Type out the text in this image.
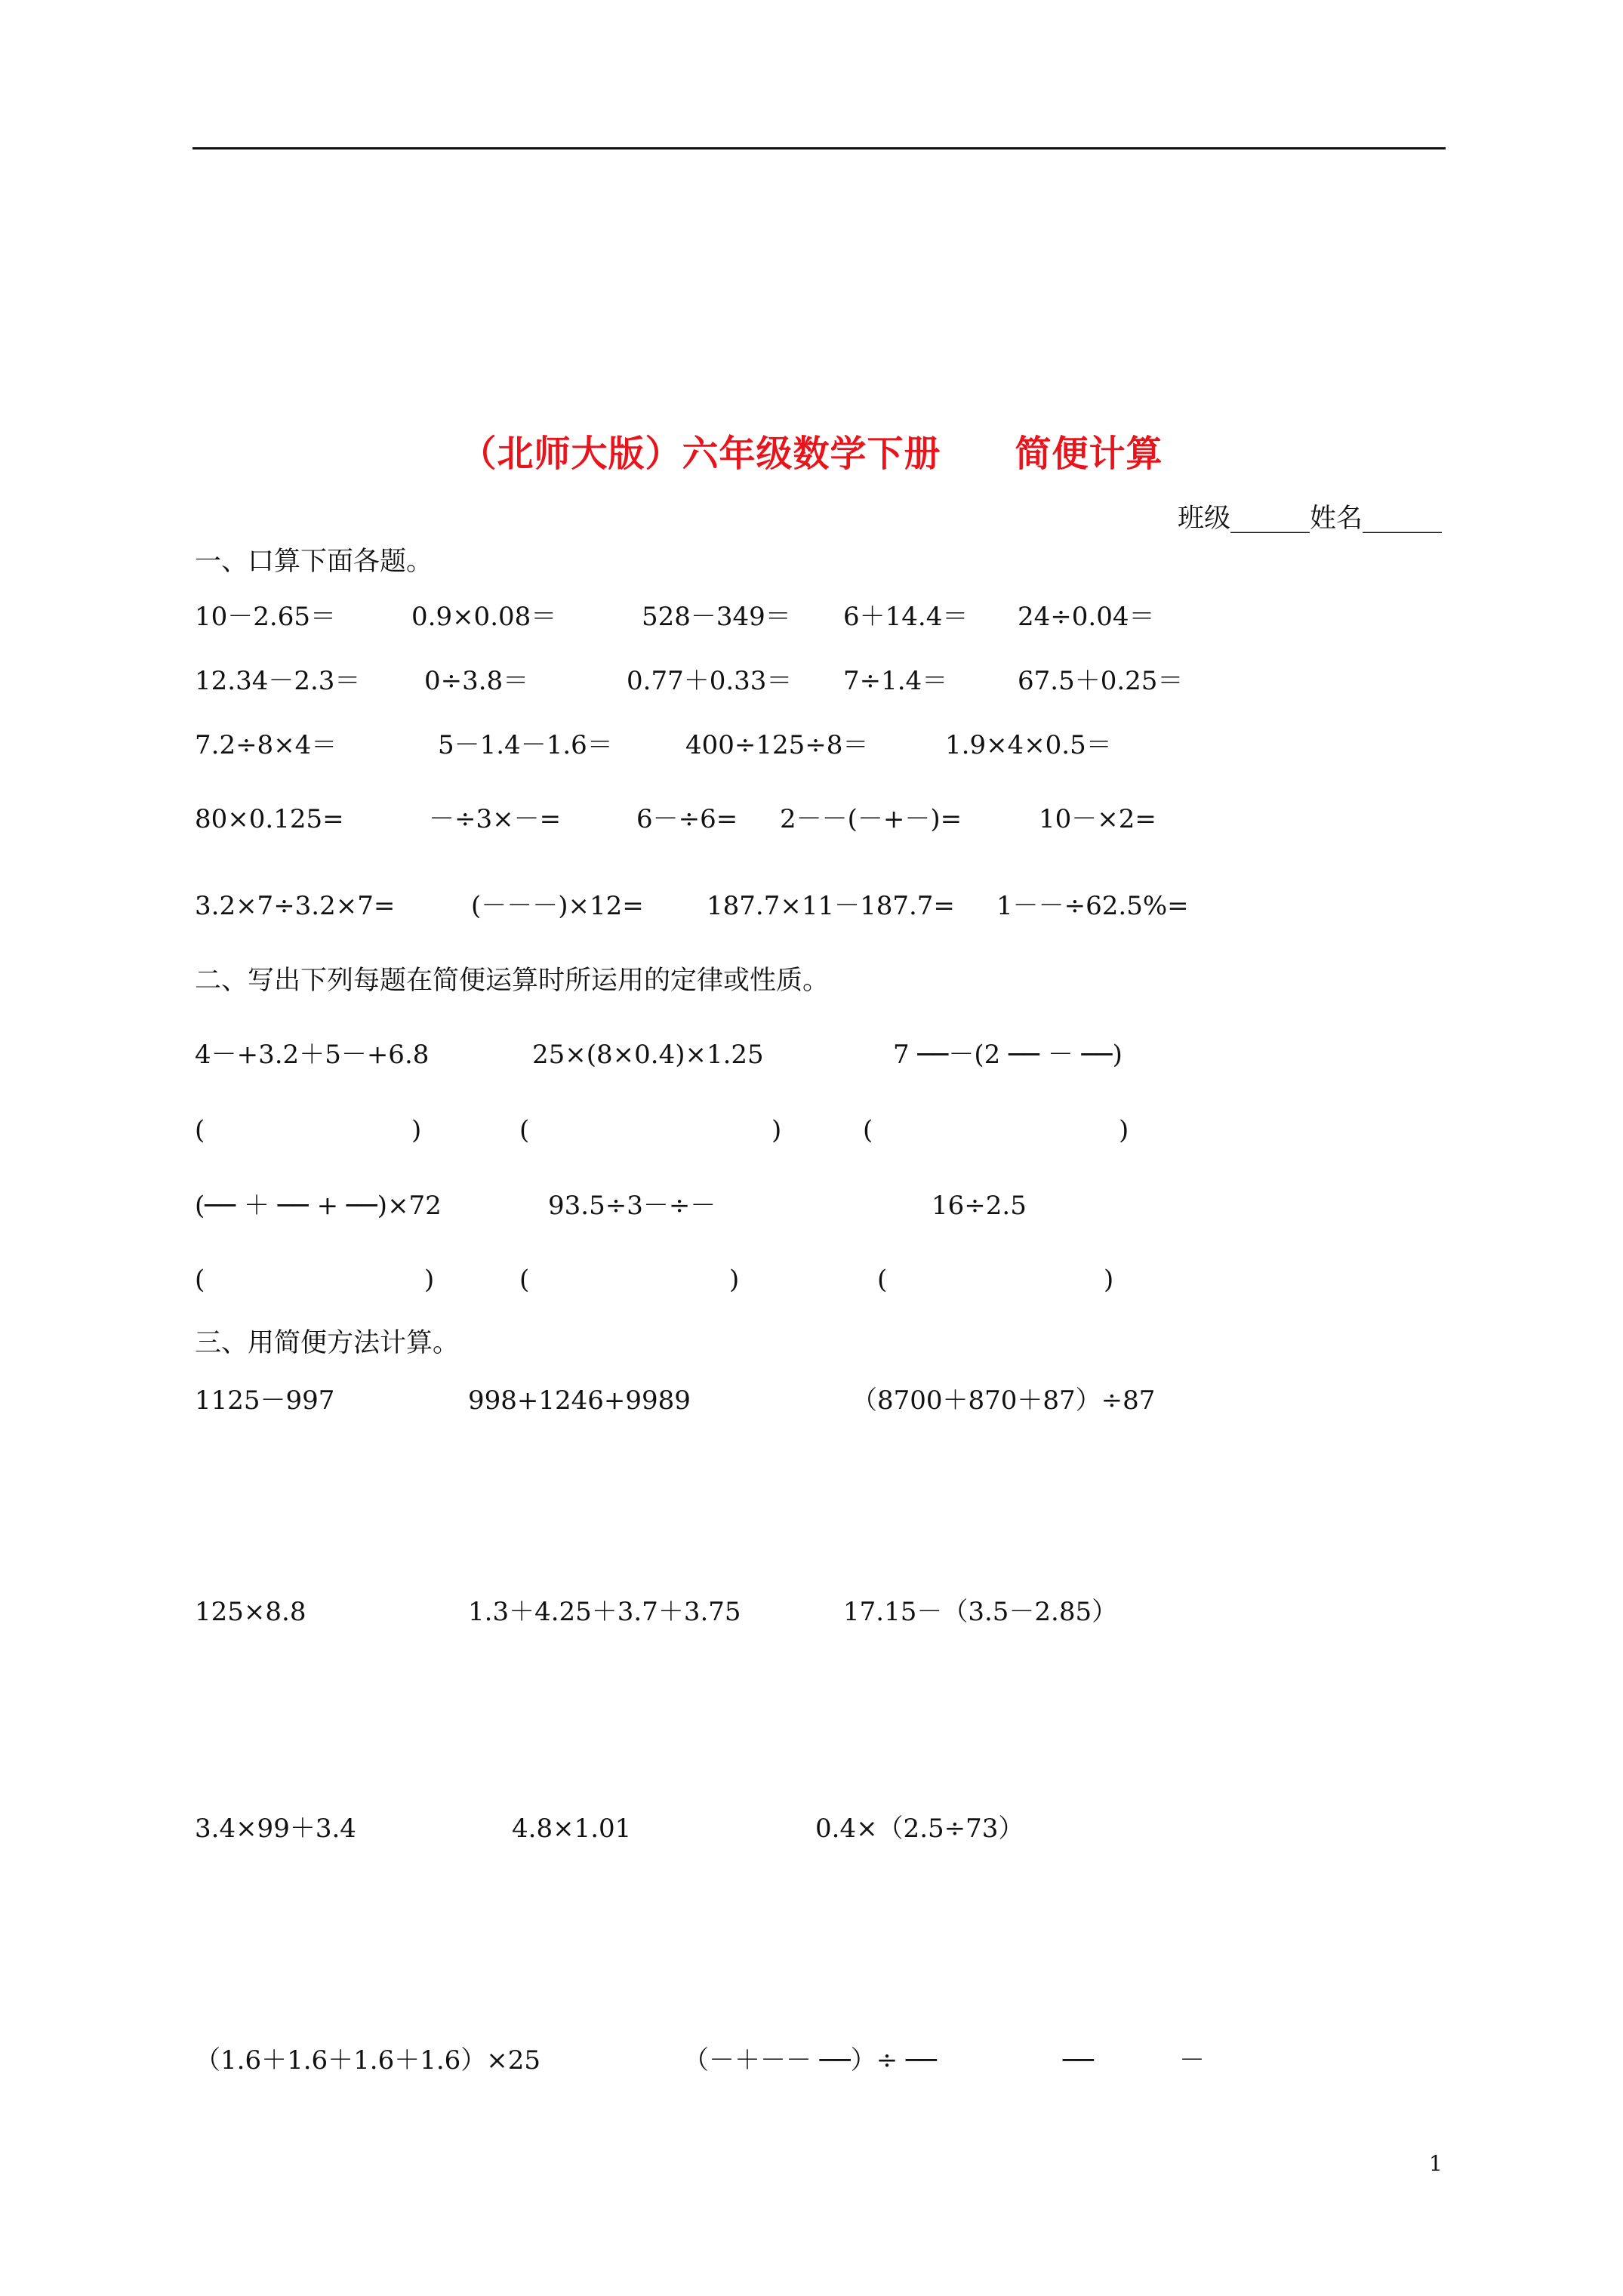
（北师大版）六年级数学下册　　简便计算
班级______姓名______
一、口算下面各题。
10－2.65＝	0.9×0.08＝	528－349＝ 6＋14.4＝ 24÷0.04＝
12.34－2.3＝ 0÷3.8＝	0.77＋0.33＝ 7÷1.4＝	67.5＋0.25＝
7.2÷8×4＝	5－1.4－1.6＝	400÷125÷8＝	1.9×4×0.5＝
80×0.125=	－÷3×－=	6－÷6= 2－－(－+－)=	10－×2=
3.2×7÷3.2×7=	(－－－)×12= 187.7×11－187.7= 1－－÷62.5%=
二、写出下列每题在简便运算时所运用的定律或性质。
4－+3.2＋5－+6.8	25×(8×0.4)×1.25	7 ──－(2 ── － ──)
(	)	(	)	(	)
(── ＋ ── + ──)×72	93.5÷3－÷－	16÷2.5
(	)	(	)	(	)
三、用简便方法计算。
1125－997	998+1246+9989	（8700＋870＋87）÷87
125×8.8	1.3＋4.25＋3.7＋3.75	17.15－（3.5－2.85）
3.4×99＋3.4	4.8×1.01	0.4×（2.5÷73）
（1.6＋1.6＋1.6＋1.6）×25	（－＋－－ ──）÷ ──	──	－
1
